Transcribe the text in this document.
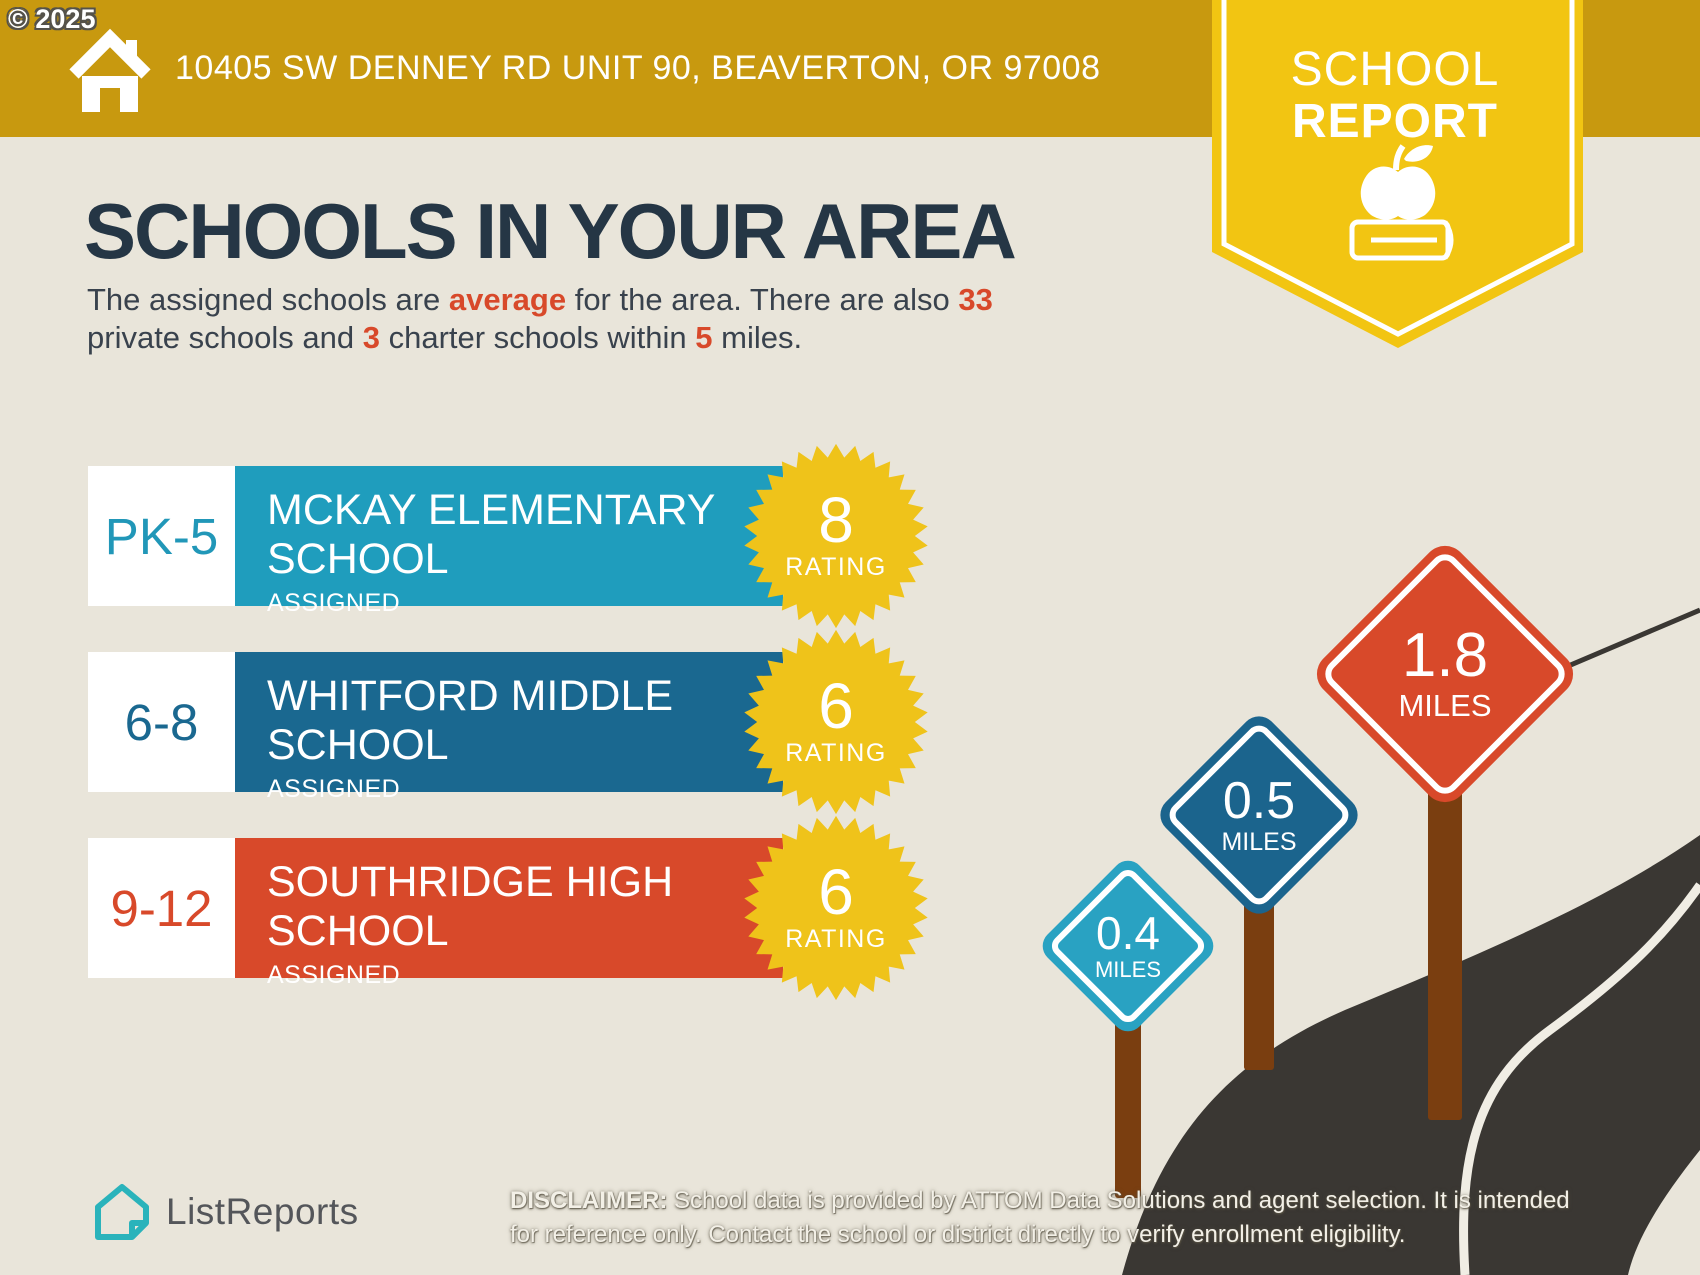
0.4
MILES
0.5
MILES
1.8
MILES
10405 SW DENNEY RD UNIT 90, BEAVERTON, OR 97008
© 2025
SCHOOL
REPORT
SCHOOLS IN YOUR AREA
The assigned schools are average for the area. There are also 33
private schools and 3 charter schools within 5 miles.
PK-5	MCKAY ELEMENTARY
SCHOOL
ASSIGNED
8
RATING
6-8	WHITFORD MIDDLE
SCHOOL
ASSIGNED
6
RATING
9-12	SOUTHRIDGE HIGH
SCHOOL
ASSIGNED
6
RATING
ListReports	DISCLAIMER: School data is provided by ATTOM Data Solutions and agent selection. It is intended
for reference only. Contact the school or district directly to verify enrollment eligibility.
